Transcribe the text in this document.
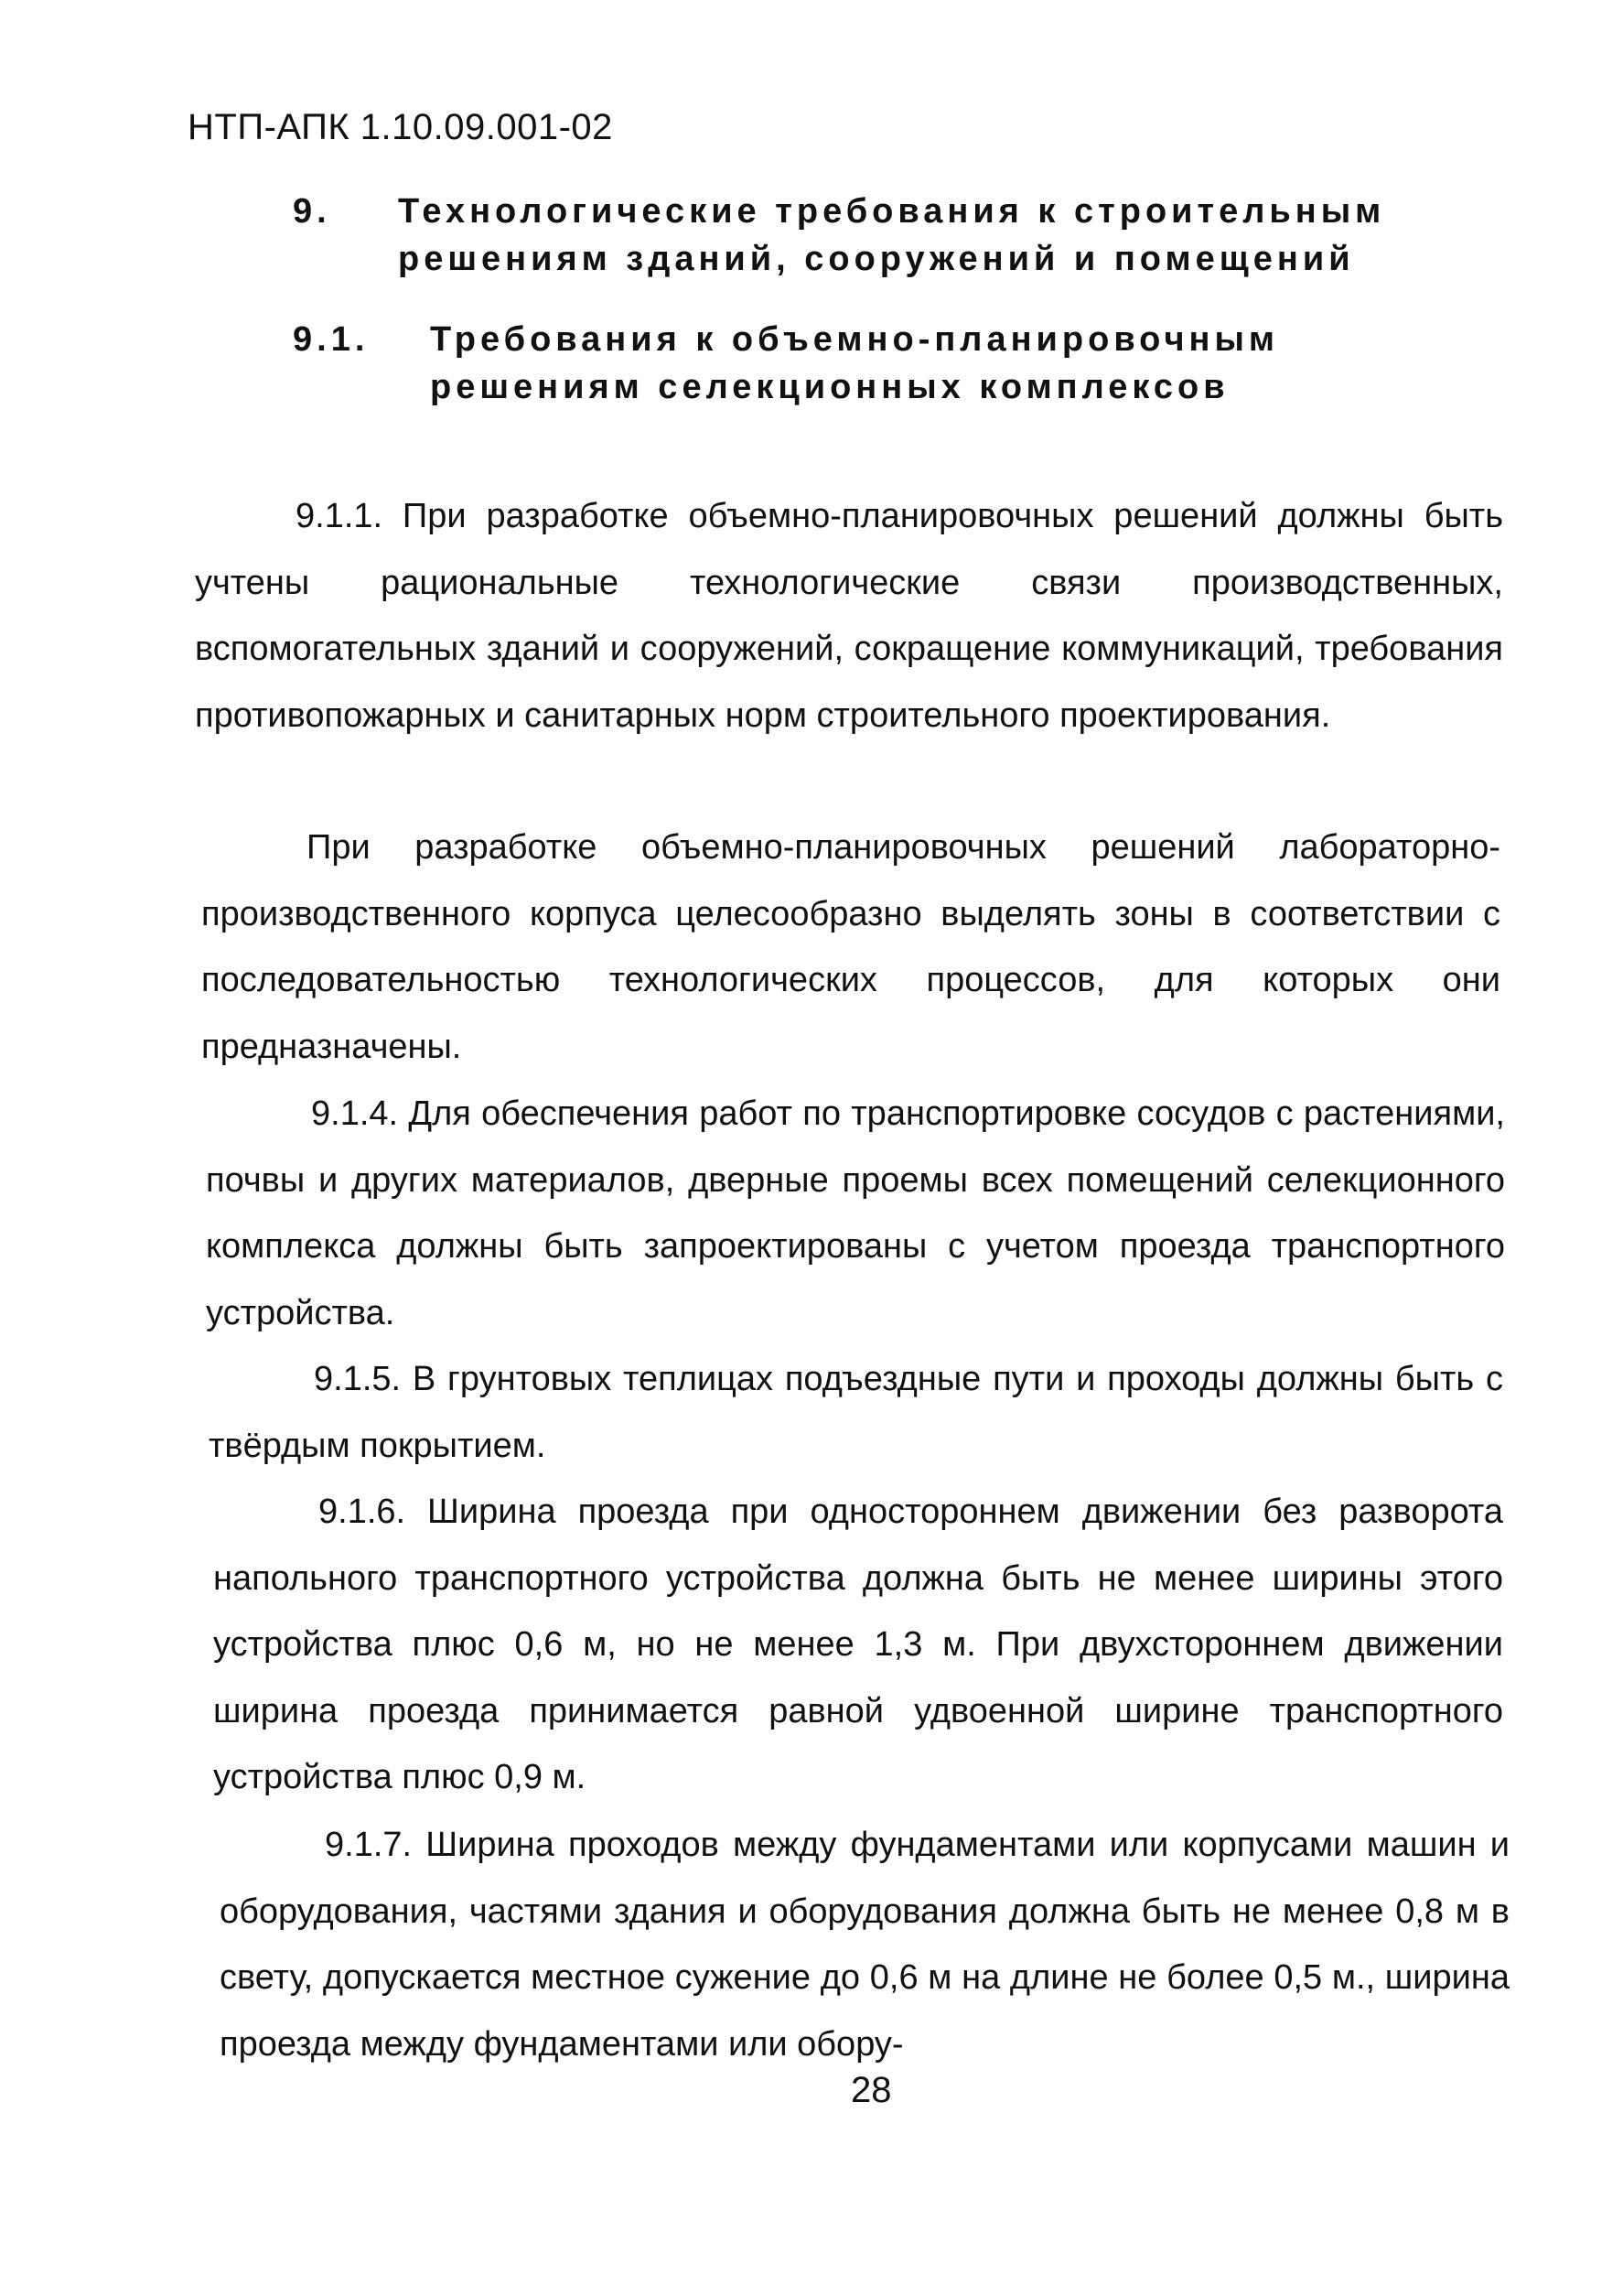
НТП-АПК 1.10.09.001-02
9. Технологические требования к строительным
решениям зданий, сооружений и помещений
9.1. Требования к объемно-планировочным
решениям селекционных комплексов

9.1.1. При разработке объемно-планировочных решений должны быть учтены рациональные технологические связи производственных, вспомогательных зданий и сооружений, сокращение коммуникаций, требования противопожарных и санитарных норм строительного проектирования.

При разработке объемно-планировочных решений лабораторно-производственного корпуса целесообразно выделять зоны в соответствии с последовательностью технологических процессов, для которых они предназначены.

9.1.4. Для обеспечения работ по транспортировке сосудов с растениями, почвы и других материалов, дверные проемы всех помещений селекционного комплекса должны быть запроектированы с учетом проезда транспортного устройства.

9.1.5. В грунтовых теплицах подъездные пути и проходы должны быть с твёрдым покрытием.

9.1.6. Ширина проезда при одностороннем движении без разворота напольного транспортного устройства должна быть не менее ширины этого устройства плюс 0,6 м, но не менее 1,3 м. При двухстороннем движении ширина проезда принимается равной удвоенной ширине транспортного устройства плюс 0,9 м.

9.1.7. Ширина проходов между фундаментами или корпусами машин и оборудования, частями здания и оборудования должна быть не менее 0,8 м в свету, допускается местное сужение до 0,6 м на длине не более 0,5 м., ширина проезда между фундаментами или обору-

28
